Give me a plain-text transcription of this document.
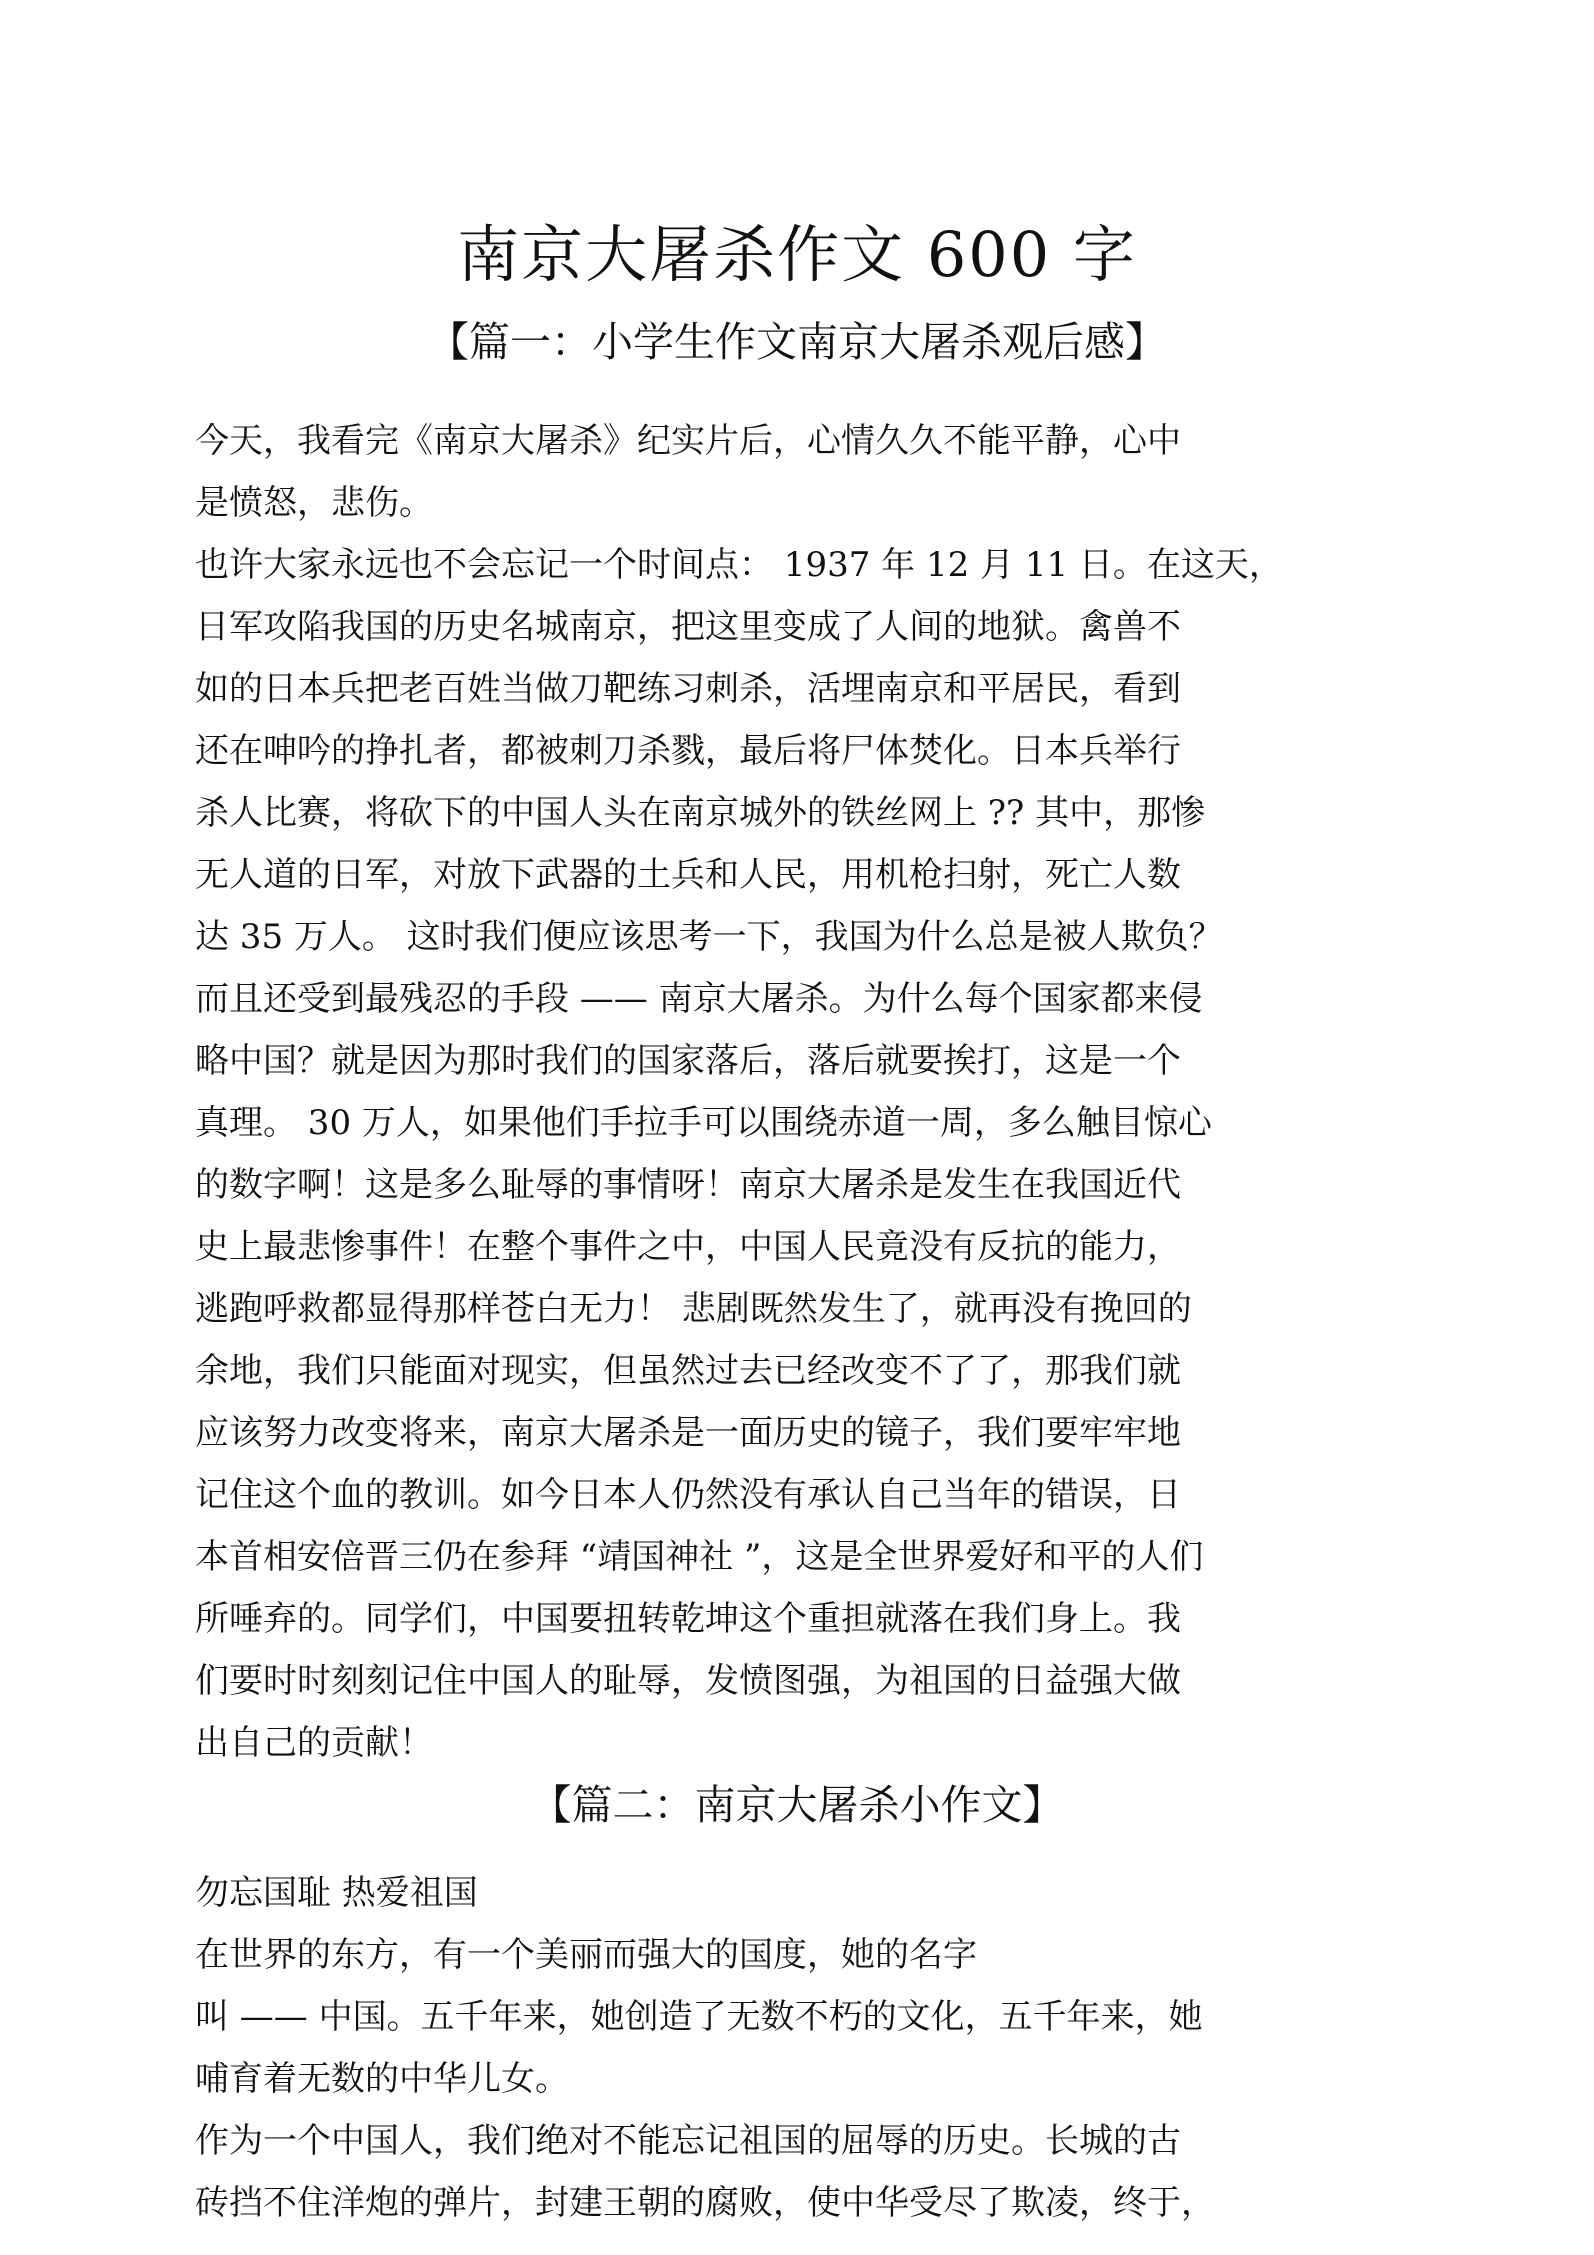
南京大屠杀作文 600 字
【篇一：小学生作文南京大屠杀观后感】
今天，我看完《南京大屠杀》纪实片后，心情久久不能平静，心中
是愤怒，悲伤。
也许大家永远也不会忘记一个时间点： 1937 年 12 月 11 日。在这天，
日军攻陷我国的历史名城南京，把这里变成了人间的地狱。禽兽不
如的日本兵把老百姓当做刀靶练习刺杀，活埋南京和平居民，看到
还在呻吟的挣扎者，都被刺刀杀戮，最后将尸体焚化。日本兵举行
杀人比赛，将砍下的中国人头在南京城外的铁丝网上 ?? 其中，那惨
无人道的日军，对放下武器的土兵和人民，用机枪扫射，死亡人数
达 35 万人。 这时我们便应该思考一下，我国为什么总是被人欺负？
而且还受到最残忍的手段 —— 南京大屠杀。为什么每个国家都来侵
略中国？就是因为那时我们的国家落后，落后就要挨打，这是一个
真理。 30 万人，如果他们手拉手可以围绕赤道一周，多么触目惊心
的数字啊！这是多么耻辱的事情呀！南京大屠杀是发生在我国近代
史上最悲惨事件！在整个事件之中，中国人民竟没有反抗的能力，
逃跑呼救都显得那样苍白无力！ 悲剧既然发生了，就再没有挽回的
余地，我们只能面对现实，但虽然过去已经改变不了了，那我们就
应该努力改变将来，南京大屠杀是一面历史的镜子，我们要牢牢地
记住这个血的教训。如今日本人仍然没有承认自己当年的错误，日
本首相安倍晋三仍在参拜 “靖国神社 ”，这是全世界爱好和平的人们
所唾弃的。同学们，中国要扭转乾坤这个重担就落在我们身上。我
们要时时刻刻记住中国人的耻辱，发愤图强，为祖国的日益强大做
出自己的贡献！
【篇二：南京大屠杀小作文】
勿忘国耻 热爱祖国
在世界的东方，有一个美丽而强大的国度，她的名字
叫 —— 中国。五千年来，她创造了无数不朽的文化，五千年来，她
哺育着无数的中华儿女。
作为一个中国人，我们绝对不能忘记祖国的屈辱的历史。长城的古
砖挡不住洋炮的弹片，封建王朝的腐败，使中华受尽了欺凌，终于，
